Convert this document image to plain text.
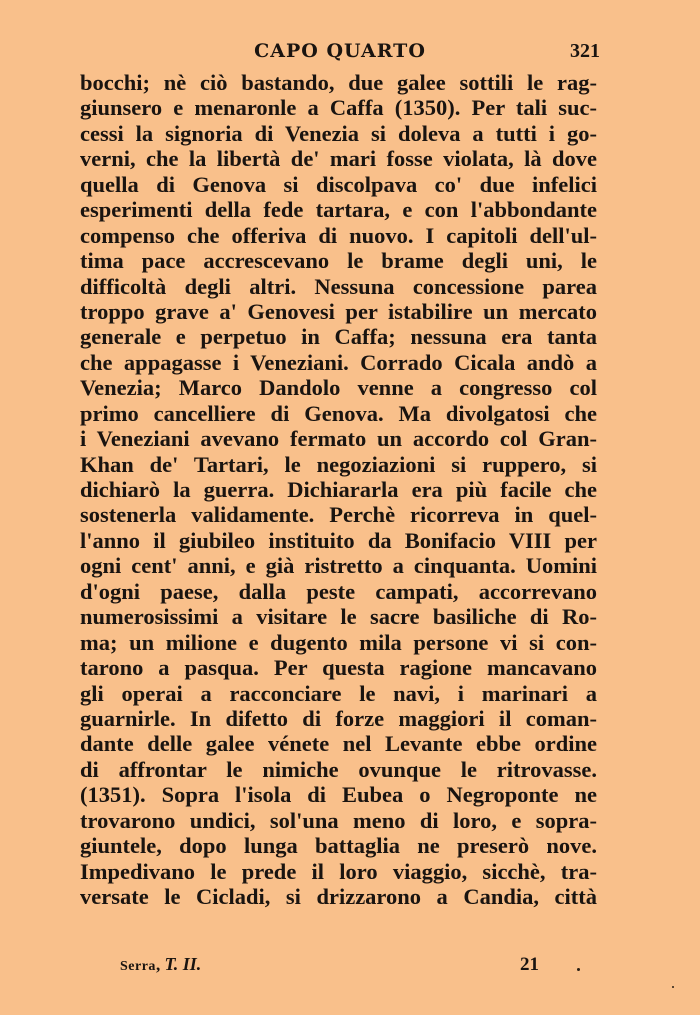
CAPO QUARTO	321
bocchi; nè ciò bastando, due galee sottili le rag-
giunsero e menaronle a Caffa (1350). Per tali suc-
cessi la signoria di Venezia si doleva a tutti i go-
verni, che la libertà de' mari fosse violata, là dove
quella di Genova si discolpava co' due infelici
esperimenti della fede tartara, e con l'abbondante
compenso che offeriva di nuovo. I capitoli dell'ul-
tima pace accrescevano le brame degli uni, le
difficoltà degli altri. Nessuna concessione parea
troppo grave a' Genovesi per istabilire un mercato
generale e perpetuo in Caffa; nessuna era tanta
che appagasse i Veneziani. Corrado Cicala andò a
Venezia; Marco Dandolo venne a congresso col
primo cancelliere di Genova. Ma divolgatosi che
i Veneziani avevano fermato un accordo col Gran-
Khan de' Tartari, le negoziazioni si ruppero, si
dichiarò la guerra. Dichiararla era più facile che
sostenerla validamente. Perchè ricorreva in quel-
l'anno il giubileo instituito da Bonifacio VIII per
ogni cent' anni, e già ristretto a cinquanta. Uomini
d'ogni paese, dalla peste campati, accorrevano
numerosissimi a visitare le sacre basiliche di Ro-
ma; un milione e dugento mila persone vi si con-
tarono a pasqua. Per questa ragione mancavano
gli operai a racconciare le navi, i marinari a
guarnirle. In difetto di forze maggiori il coman-
dante delle galee vénete nel Levante ebbe ordine
di affrontar le nimiche ovunque le ritrovasse.
(1351). Sopra l'isola di Eubea o Negroponte ne
trovarono undici, sol'una meno di loro, e sopra-
giuntele, dopo lunga battaglia ne preserò nove.
Impedivano le prede il loro viaggio, sicchè, tra-
versate le Cicladi, si drizzarono a Candia, città
Serra, T. II.	21
